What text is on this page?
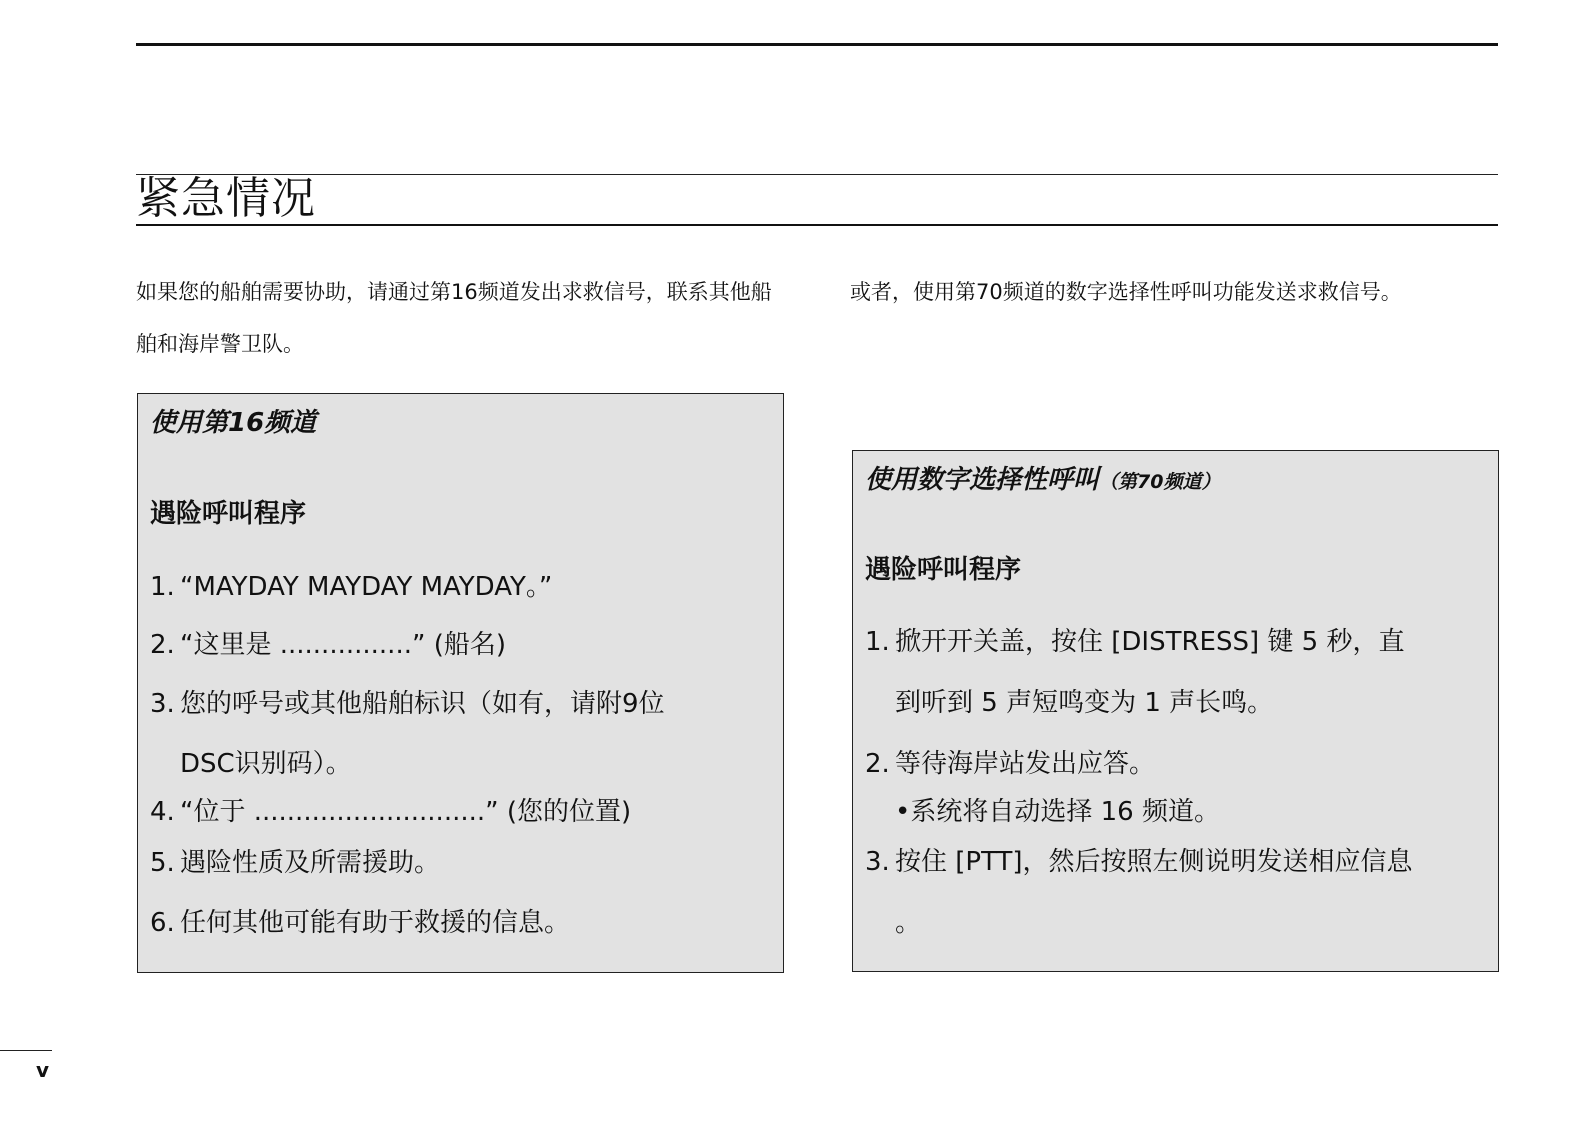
紧急情况
如果您的船舶需要协助，请通过第16频道发出求救信号，联系其他船舶和海岸警卫队。
或者，使用第70频道的数字选择性呼叫功能发送求救信号。
使用第16频道
遇险呼叫程序
1. “MAYDAY MAYDAY MAYDAY。”
2. “这里是 ................” (船名)
3. 您的呼号或其他船舶标识（如有，请附9位
DSC识别码）。
4. “位于 ............................” (您的位置)
5. 遇险性质及所需援助。
6. 任何其他可能有助于救援的信息。
使用数字选择性呼叫（第70频道）
遇险呼叫程序
1. 掀开开关盖，按住 [DISTRESS] 键 5 秒，直
到听到 5 声短鸣变为 1 声长鸣。
2. 等待海岸站发出应答。
•系统将自动选择 16 频道。
3. 按住 [PTT]，然后按照左侧说明发送相应信息
。
v
